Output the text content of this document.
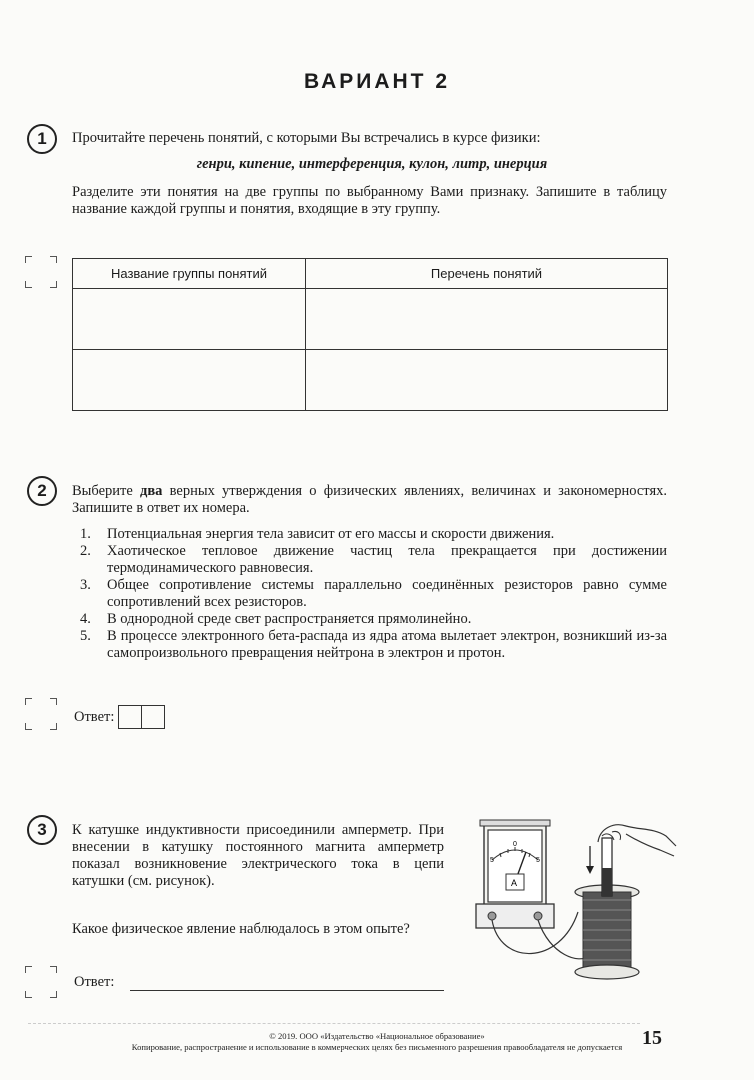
ВАРИАНТ 2
1	Прочитайте перечень понятий, с которыми Вы встречались в курсе физики:
генри, кипение, интерференция, кулон, литр, инерция
Разделите эти понятия на две группы по выбранному Вами признаку. Запишите в таблицу название каждой группы и понятия, входящие в эту группу.
Название группы понятий	Перечень понятий

2	Выберите два верных утверждения о физических явлениях, величинах и закономерностях. Запишите в ответ их номера.
1. Потенциальная энергия тела зависит от его массы и скорости движения.
2. Хаотическое тепловое движение частиц тела прекращается при достижении термодинамического равновесия.
3. Общее сопротивление системы параллельно соединённых резисторов равно сумме сопротивлений всех резисторов.
4. В однородной среде свет распространяется прямолинейно.
5. В процессе электронного бета-распада из ядра атома вылетает электрон, возникший из-за самопроизвольного превращения нейтрона в электрон и протон.
Ответ:
3	К катушке индуктивности присоединили амперметр. При внесении в катушку постоянного магнита амперметр показал возникновение электрического тока в цепи катушки (см. рисунок).
Какое физическое явление наблюдалось в этом опыте?
5
0
5
A
Ответ:
© 2019. ООО «Издательство «Национальное образование»
Копирование, распространение и использование в коммерческих целях без письменного разрешения правообладателя не допускается 15
